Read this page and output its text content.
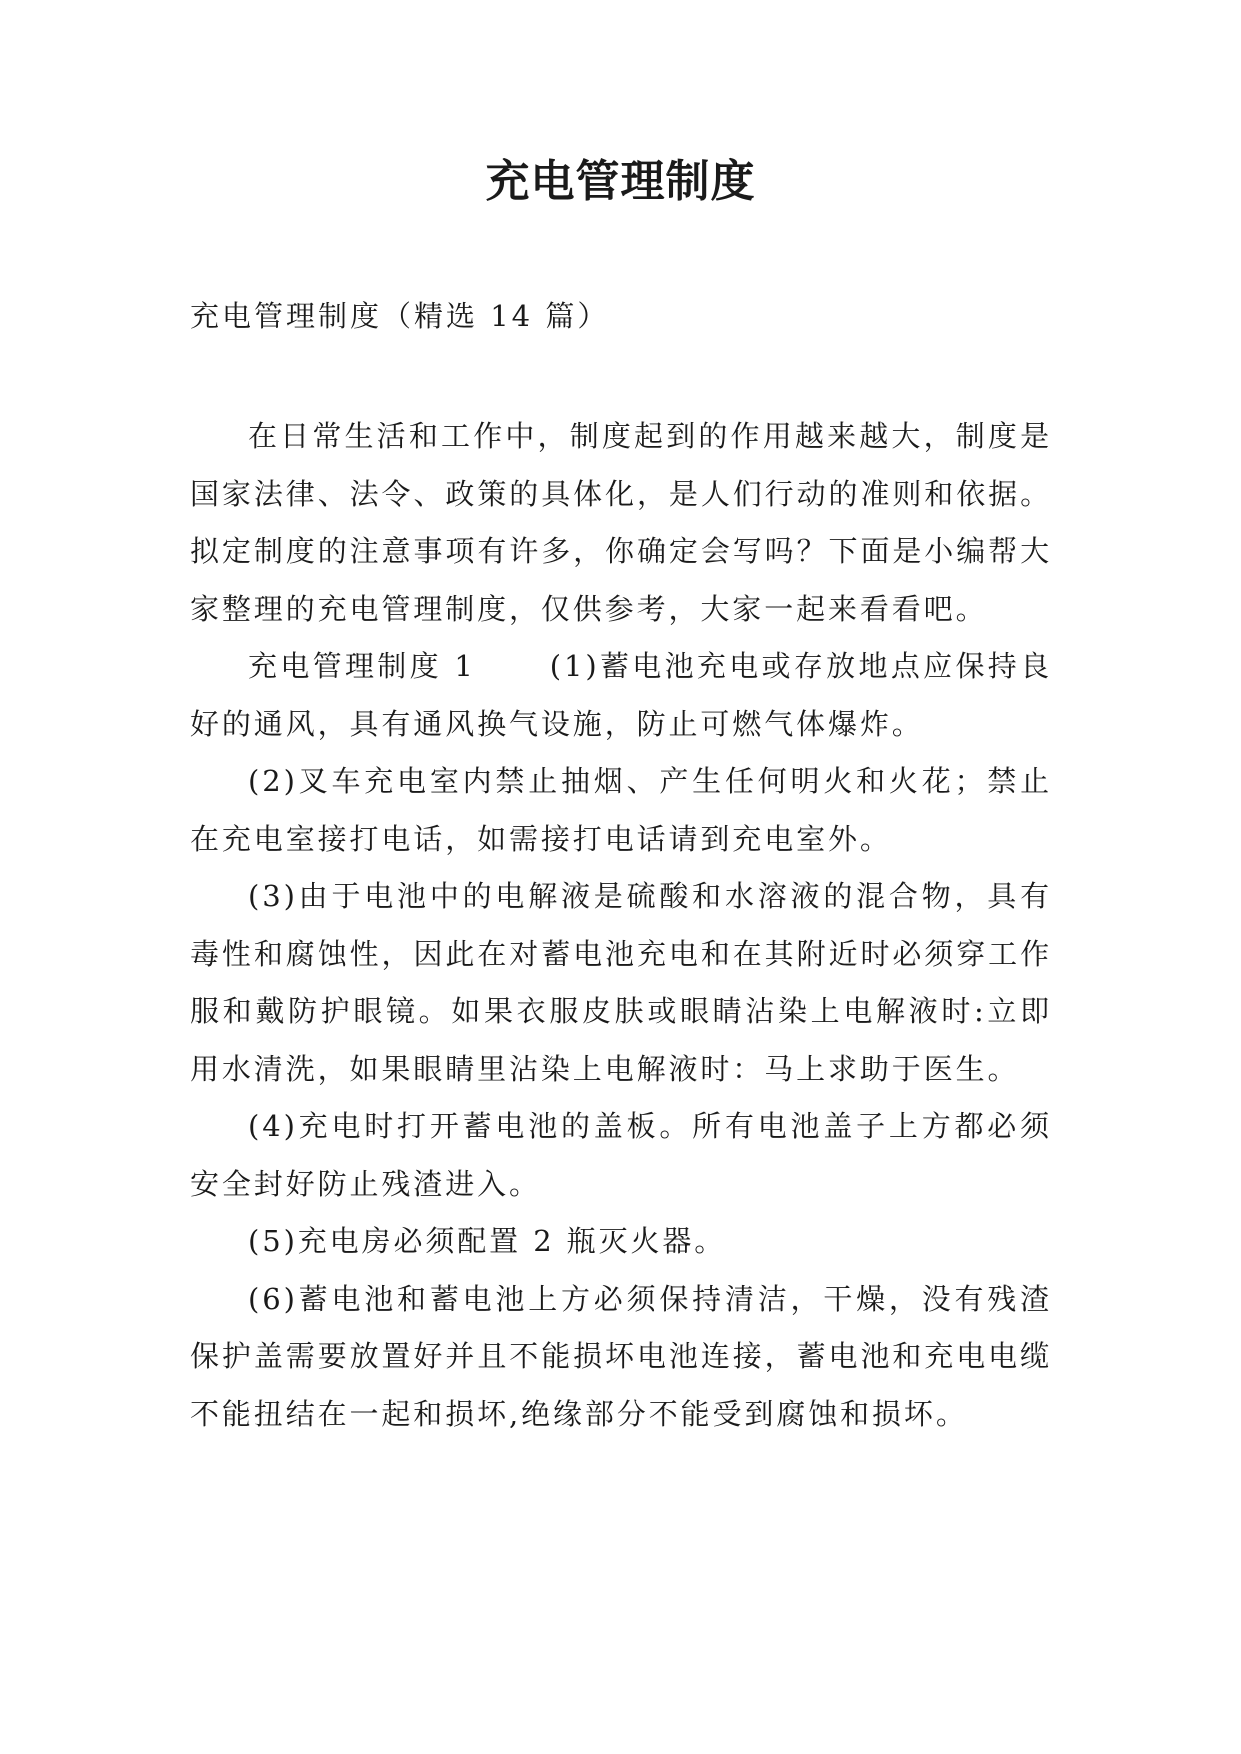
充电管理制度

充电管理制度（精选 14 篇）

在日常生活和工作中，制度起到的作用越来越大，制度是国家法律、法令、政策的具体化，是人们行动的准则和依据。拟定制度的注意事项有许多，你确定会写吗？下面是小编帮大家整理的充电管理制度，仅供参考，大家一起来看看吧。

充电管理制度 1	(1)蓄电池充电或存放地点应保持良好的通风，具有通风换气设施，防止可燃气体爆炸。

(2)叉车充电室内禁止抽烟、产生任何明火和火花；禁止在充电室接打电话，如需接打电话请到充电室外。

(3)由于电池中的电解液是硫酸和水溶液的混合物，具有毒性和腐蚀性，因此在对蓄电池充电和在其附近时必须穿工作服和戴防护眼镜。如果衣服皮肤或眼睛沾染上电解液时:立即用水清洗，如果眼睛里沾染上电解液时：马上求助于医生。

(4)充电时打开蓄电池的盖板。所有电池盖子上方都必须安全封好防止残渣进入。

(5)充电房必须配置 2 瓶灭火器。

(6)蓄电池和蓄电池上方必须保持清洁，干燥，没有残渣保护盖需要放置好并且不能损坏电池连接，蓄电池和充电电缆不能扭结在一起和损坏,绝缘部分不能受到腐蚀和损坏。
